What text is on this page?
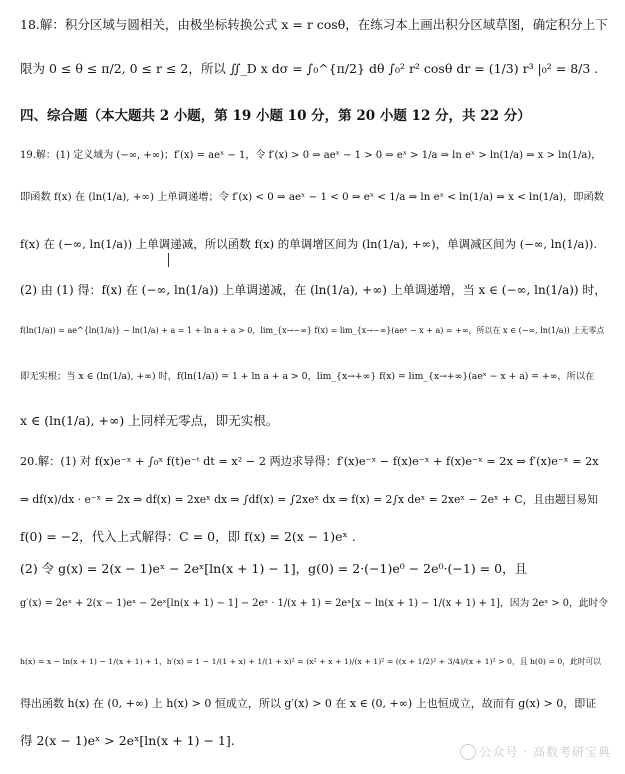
18.解：积分区域与圆相关，由极坐标转换公式 x = r cosθ，在练习本上画出积分区域草图，确定积分上下
限为 0 ≤ θ ≤ π/2, 0 ≤ r ≤ 2，所以 ∬_D x dσ = ∫₀^{π/2} dθ ∫₀² r² cosθ dr = (1/3) r³ |₀² = 8/3 .
四、综合题（本大题共 2 小题，第 19 小题 10 分，第 20 小题 12 分，共 22 分）
19.解：(1) 定义域为 (−∞, +∞)；f′(x) = aeˣ − 1，令 f′(x) > 0 ⇒ aeˣ − 1 > 0 ⇒ eˣ > 1/a ⇒ ln eˣ > ln(1/a) ⇒ x > ln(1/a)，
即函数 f(x) 在 (ln(1/a), +∞) 上单调递增；令 f′(x) < 0 ⇒ aeˣ − 1 < 0 ⇒ eˣ < 1/a ⇒ ln eˣ < ln(1/a) ⇒ x < ln(1/a)，即函数
f(x) 在 (−∞, ln(1/a)) 上单调递减，所以函数 f(x) 的单调增区间为 (ln(1/a), +∞)，单调减区间为 (−∞, ln(1/a)).
(2) 由 (1) 得：f(x) 在 (−∞, ln(1/a)) 上单调递减，在 (ln(1/a), +∞) 上单调递增，当 x ∈ (−∞, ln(1/a)) 时，
f(ln(1/a)) = ae^{ln(1/a)} − ln(1/a) + a = 1 + ln a + a > 0，lim_{x→−∞} f(x) = lim_{x→−∞}(aeˣ − x + a) = +∞，所以在 x ∈ (−∞, ln(1/a)) 上无零点
即无实根；当 x ∈ (ln(1/a), +∞) 时，f(ln(1/a)) = 1 + ln a + a > 0，lim_{x→+∞} f(x) = lim_{x→+∞}(aeˣ − x + a) = +∞，所以在
x ∈ (ln(1/a), +∞) 上同样无零点，即无实根。
20.解：(1) 对 f(x)e⁻ˣ + ∫₀ˣ f(t)e⁻ᵗ dt = x² − 2 两边求导得：f′(x)e⁻ˣ − f(x)e⁻ˣ + f(x)e⁻ˣ = 2x ⇒ f′(x)e⁻ˣ = 2x
⇒ df(x)/dx · e⁻ˣ = 2x ⇒ df(x) = 2xeˣ dx ⇒ ∫df(x) = ∫2xeˣ dx ⇒ f(x) = 2∫x deˣ = 2xeˣ − 2eˣ + C，且由题目易知
f(0) = −2，代入上式解得：C = 0，即 f(x) = 2(x − 1)eˣ .
(2) 令 g(x) = 2(x − 1)eˣ − 2eˣ[ln(x + 1) − 1]，g(0) = 2·(−1)e⁰ − 2e⁰·(−1) = 0，且
g′(x) = 2eˣ + 2(x − 1)eˣ − 2eˣ[ln(x + 1) − 1] − 2eˣ · 1/(x + 1) = 2eˣ[x − ln(x + 1) − 1/(x + 1) + 1]，因为 2eˣ > 0，此时令
h(x) = x − ln(x + 1) − 1/(x + 1) + 1，h′(x) = 1 − 1/(1 + x) + 1/(1 + x)² = (x² + x + 1)/(x + 1)² = ((x + 1/2)² + 3/4)/(x + 1)² > 0，且 h(0) = 0，此时可以
得出函数 h(x) 在 (0, +∞) 上 h(x) > 0 恒成立，所以 g′(x) > 0 在 x ∈ (0, +∞) 上也恒成立，故而有 g(x) > 0，即证
得 2(x − 1)eˣ > 2eˣ[ln(x + 1) − 1].
公众号 · 高数考研宝典
